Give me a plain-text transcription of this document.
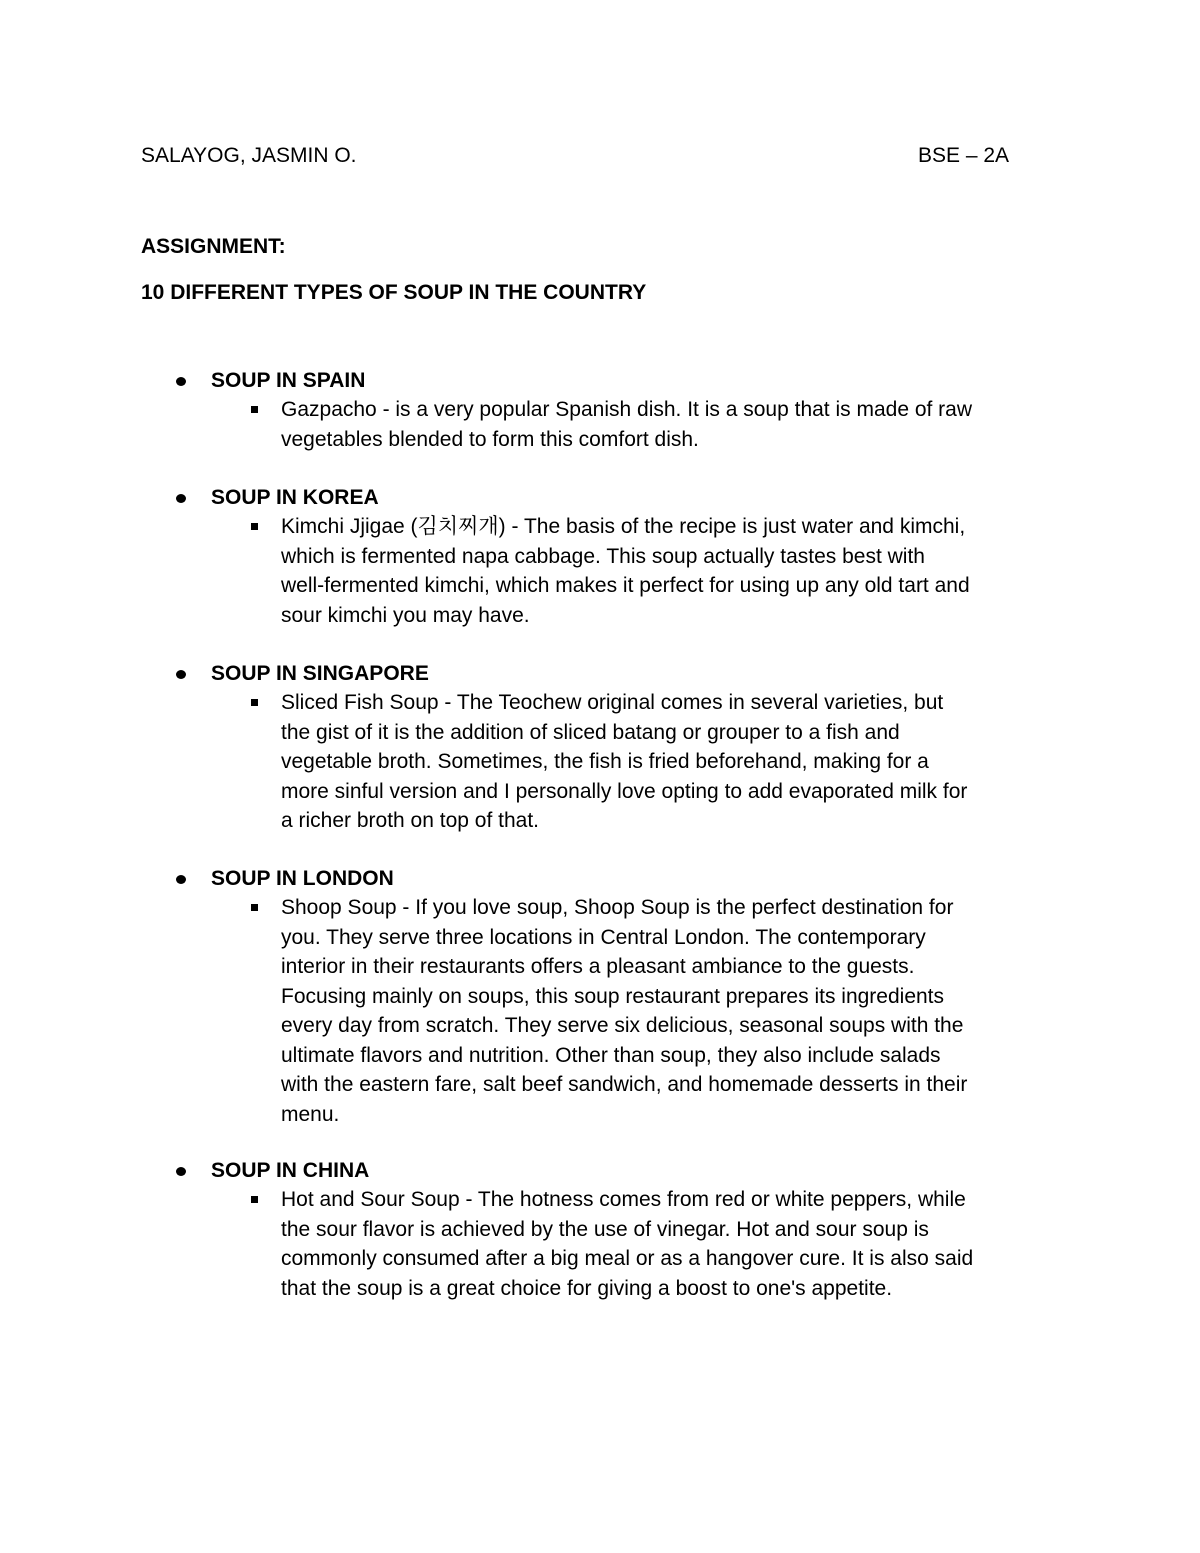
SALAYOG, JASMIN O.	BSE – 2A
ASSIGNMENT:
10 DIFFERENT TYPES OF SOUP IN THE COUNTRY
SOUP IN SPAIN
Gazpacho - is a very popular Spanish dish. It is a soup that is made of raw
vegetables blended to form this comfort dish.
SOUP IN KOREA
Kimchi Jjigae (김치찌개) - The basis of the recipe is just water and kimchi,
which is fermented napa cabbage. This soup actually tastes best with
well-fermented kimchi, which makes it perfect for using up any old tart and
sour kimchi you may have.
SOUP IN SINGAPORE
Sliced Fish Soup - The Teochew original comes in several varieties, but
the gist of it is the addition of sliced batang or grouper to a fish and
vegetable broth. Sometimes, the fish is fried beforehand, making for a
more sinful version and I personally love opting to add evaporated milk for
a richer broth on top of that.
SOUP IN LONDON
Shoop Soup - If you love soup, Shoop Soup is the perfect destination for
you. They serve three locations in Central London. The contemporary
interior in their restaurants offers a pleasant ambiance to the guests.
Focusing mainly on soups, this soup restaurant prepares its ingredients
every day from scratch. They serve six delicious, seasonal soups with the
ultimate flavors and nutrition. Other than soup, they also include salads
with the eastern fare, salt beef sandwich, and homemade desserts in their
menu.
SOUP IN CHINA
Hot and Sour Soup - The hotness comes from red or white peppers, while
the sour flavor is achieved by the use of vinegar. Hot and sour soup is
commonly consumed after a big meal or as a hangover cure. It is also said
that the soup is a great choice for giving a boost to one's appetite.
